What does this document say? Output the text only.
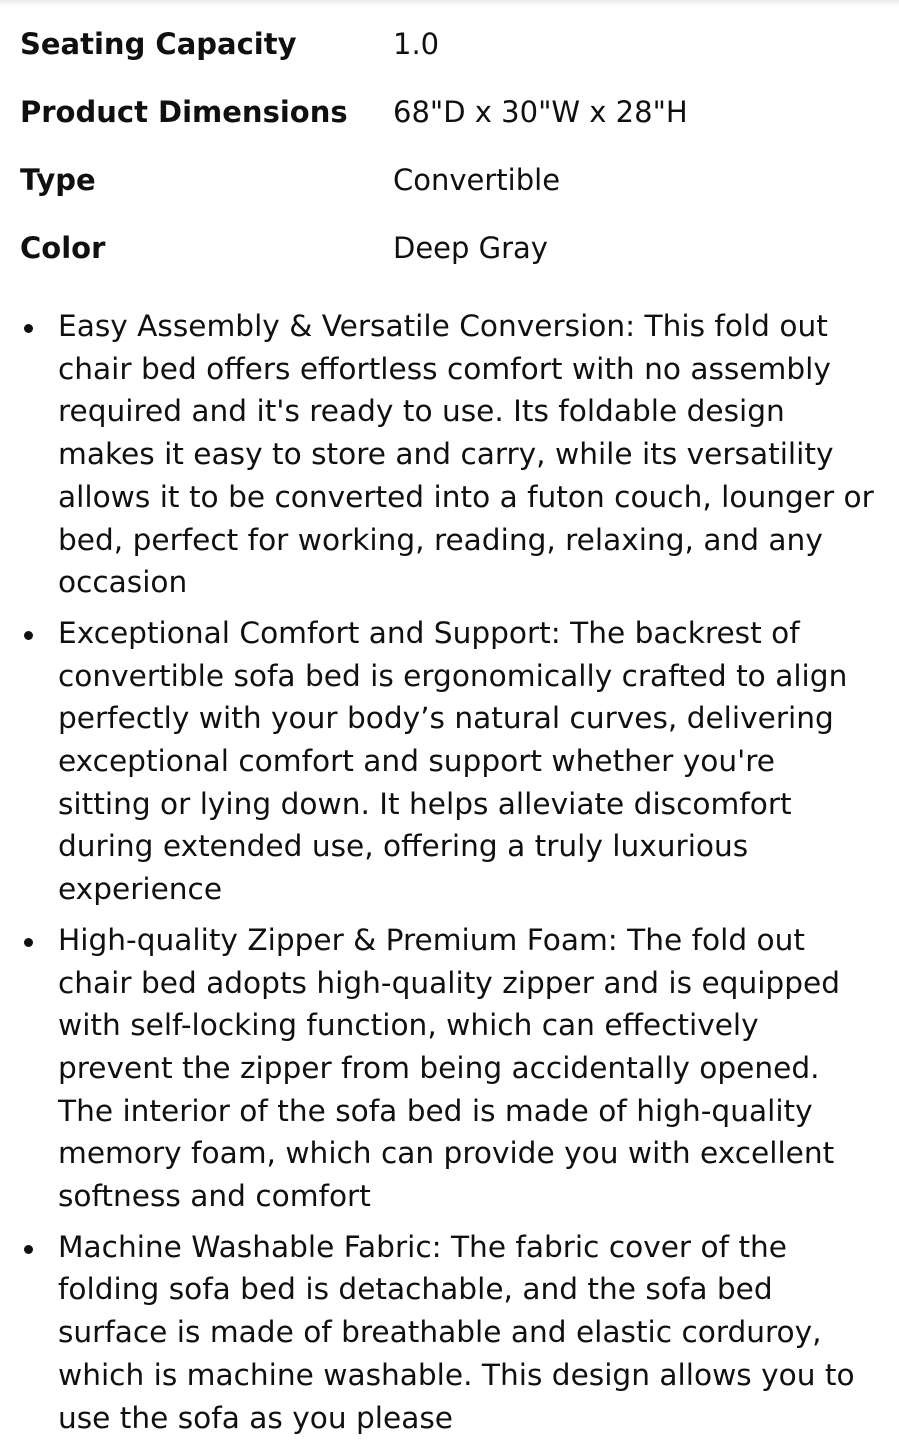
Seating Capacity	1.0
Product Dimensions 68"D x 30"W x 28"H
Type	Convertible
Color	Deep Gray
Easy Assembly & Versatile Conversion: This fold out chair bed offers effortless comfort with no assembly required and it's ready to use. Its foldable design makes it easy to store and carry, while its versatility allows it to be converted into a futon couch, lounger or bed, perfect for working, reading, relaxing, and any occasion
Exceptional Comfort and Support: The backrest of convertible sofa bed is ergonomically crafted to align perfectly with your body’s natural curves, delivering exceptional comfort and support whether you're sitting or lying down. It helps alleviate discomfort during extended use, offering a truly luxurious experience
High-quality Zipper & Premium Foam: The fold out chair bed adopts high-quality zipper and is equipped with self-locking function, which can effectively prevent the zipper from being accidentally opened. The interior of the sofa bed is made of high-quality memory foam, which can provide you with excellent softness and comfort
Machine Washable Fabric: The fabric cover of the folding sofa bed is detachable, and the sofa bed surface is made of breathable and elastic corduroy, which is machine washable. This design allows you to use the sofa as you please
